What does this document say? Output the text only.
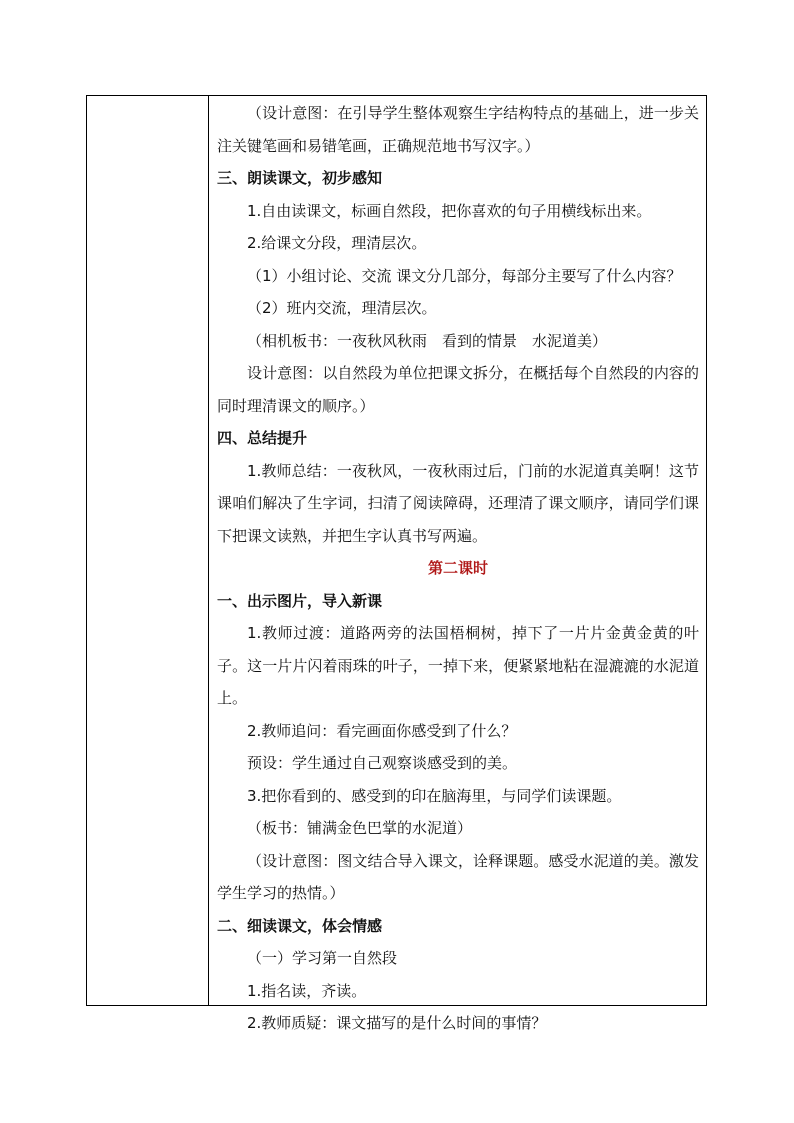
（设计意图：在引导学生整体观察生字结构特点的基础上，进一步关注关键笔画和易错笔画，正确规范地书写汉字。）

三、朗读课文，初步感知

1.自由读课文，标画自然段，把你喜欢的句子用横线标出来。

2.给课文分段，理清层次。

（1）小组讨论、交流 课文分几部分，每部分主要写了什么内容？

（2）班内交流，理清层次。

（相机板书：一夜秋风秋雨　看到的情景　水泥道美）

设计意图：以自然段为单位把课文拆分，在概括每个自然段的内容的同时理清课文的顺序。）

四、总结提升

1.教师总结：一夜秋风，一夜秋雨过后，门前的水泥道真美啊！这节课咱们解决了生字词，扫清了阅读障碍，还理清了课文顺序，请同学们课下把课文读熟，并把生字认真书写两遍。

第二课时

一、出示图片，导入新课

1.教师过渡：道路两旁的法国梧桐树，掉下了一片片金黄金黄的叶子。这一片片闪着雨珠的叶子，一掉下来，便紧紧地粘在湿漉漉的水泥道上。

2.教师追问：看完画面你感受到了什么？

预设：学生通过自己观察谈感受到的美。

3.把你看到的、感受到的印在脑海里，与同学们读课题。

（板书：铺满金色巴掌的水泥道）

（设计意图：图文结合导入课文，诠释课题。感受水泥道的美。激发学生学习的热情。）

二、细读课文，体会情感

（一）学习第一自然段

1.指名读，齐读。

2.教师质疑：课文描写的是什么时间的事情？
